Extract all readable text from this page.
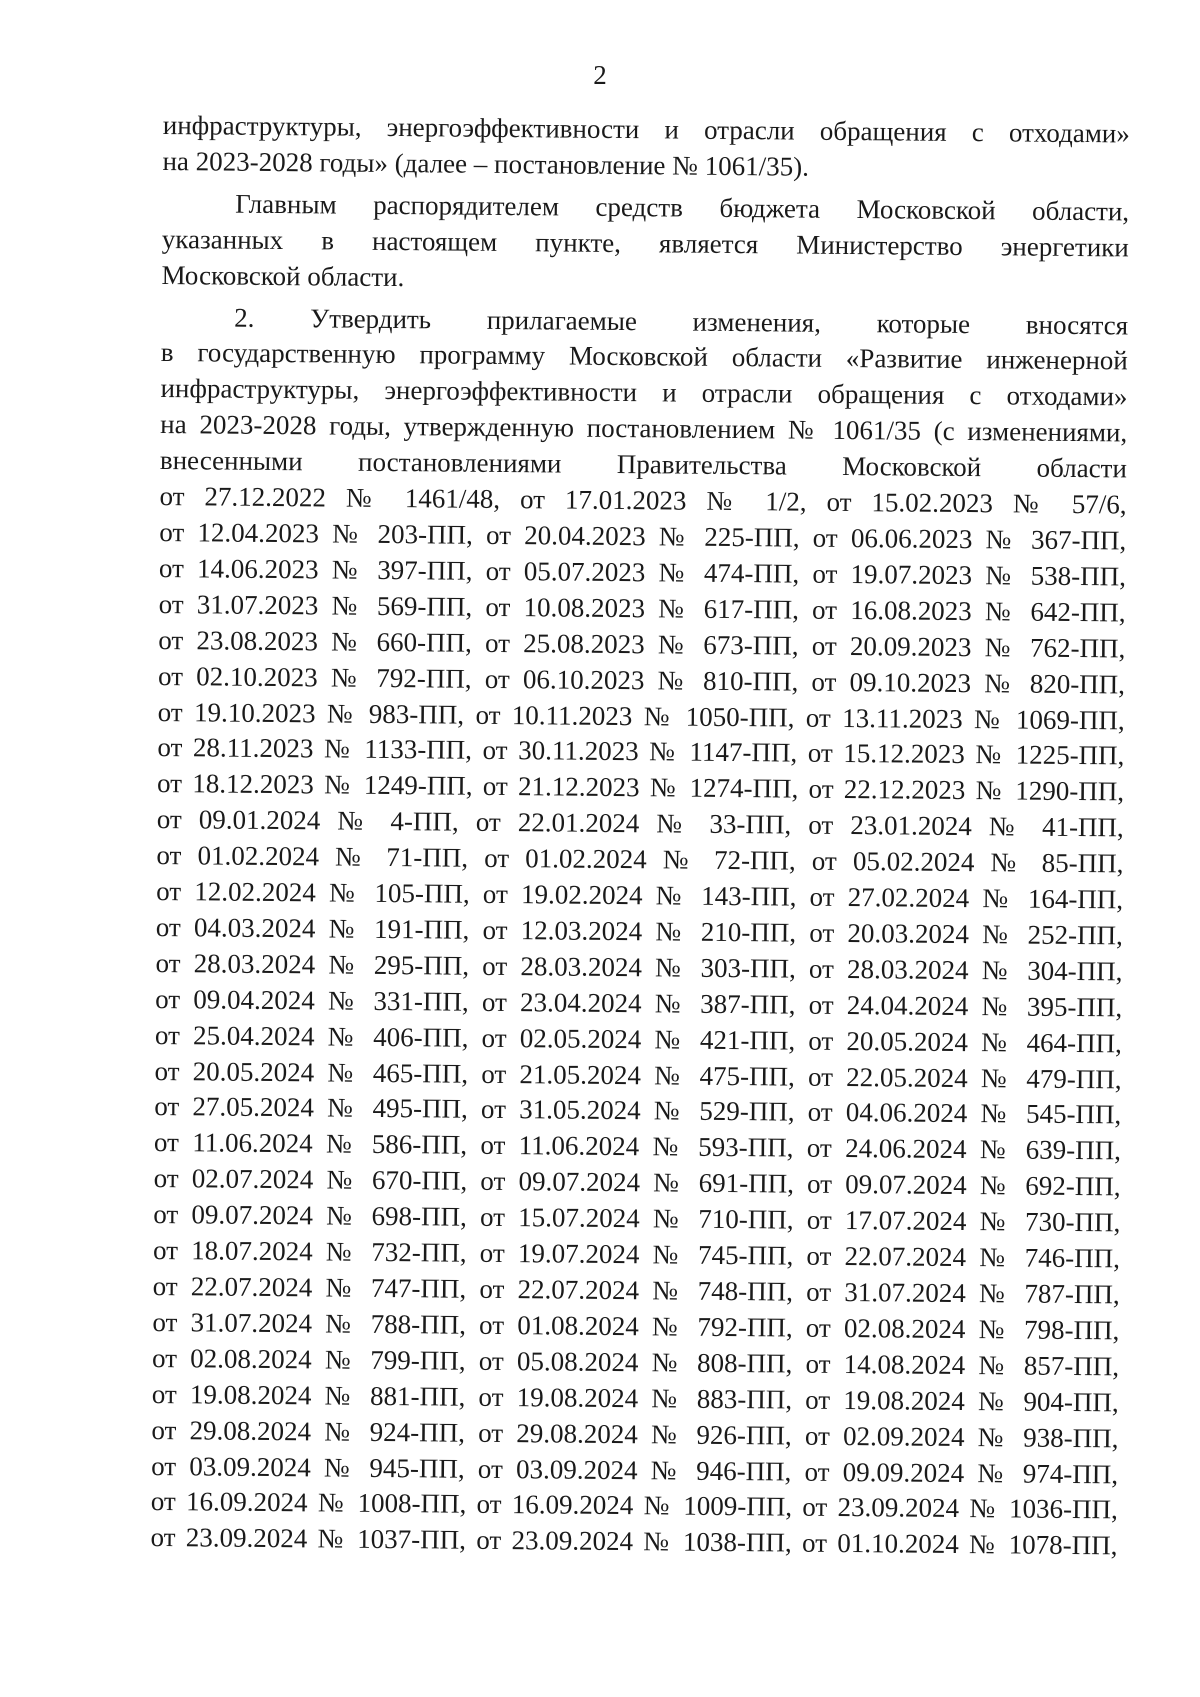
2
инфраструктуры, энергоэффективности и отрасли обращения с отходами»
на 2023-2028 годы» (далее – постановление № 1061/35).
Главным распорядителем средств бюджета Московской области,
указанных в настоящем пункте, является Министерство энергетики
Московской области.
2. Утвердить прилагаемые изменения, которые вносятся
в государственную программу Московской области «Развитие инженерной
инфраструктуры, энергоэффективности и отрасли обращения с отходами»
на 2023-2028 годы, утвержденную постановлением № 1061/35 (с изменениями,
внесенными постановлениями Правительства Московской области
от 27.12.2022 № 1461/48, от 17.01.2023 № 1/2, от 15.02.2023 № 57/6,
от 12.04.2023 № 203-ПП, от 20.04.2023 № 225-ПП, от 06.06.2023 № 367-ПП,
от 14.06.2023 № 397-ПП, от 05.07.2023 № 474-ПП, от 19.07.2023 № 538-ПП,
от 31.07.2023 № 569-ПП, от 10.08.2023 № 617-ПП, от 16.08.2023 № 642-ПП,
от 23.08.2023 № 660-ПП, от 25.08.2023 № 673-ПП, от 20.09.2023 № 762-ПП,
от 02.10.2023 № 792-ПП, от 06.10.2023 № 810-ПП, от 09.10.2023 № 820-ПП,
от 19.10.2023 № 983-ПП, от 10.11.2023 № 1050-ПП, от 13.11.2023 № 1069-ПП,
от 28.11.2023 № 1133-ПП, от 30.11.2023 № 1147-ПП, от 15.12.2023 № 1225-ПП,
от 18.12.2023 № 1249-ПП, от 21.12.2023 № 1274-ПП, от 22.12.2023 № 1290-ПП,
от 09.01.2024 № 4-ПП, от 22.01.2024 № 33-ПП, от 23.01.2024 № 41-ПП,
от 01.02.2024 № 71-ПП, от 01.02.2024 № 72-ПП, от 05.02.2024 № 85-ПП,
от 12.02.2024 № 105-ПП, от 19.02.2024 № 143-ПП, от 27.02.2024 № 164-ПП,
от 04.03.2024 № 191-ПП, от 12.03.2024 № 210-ПП, от 20.03.2024 № 252-ПП,
от 28.03.2024 № 295-ПП, от 28.03.2024 № 303-ПП, от 28.03.2024 № 304-ПП,
от 09.04.2024 № 331-ПП, от 23.04.2024 № 387-ПП, от 24.04.2024 № 395-ПП,
от 25.04.2024 № 406-ПП, от 02.05.2024 № 421-ПП, от 20.05.2024 № 464-ПП,
от 20.05.2024 № 465-ПП, от 21.05.2024 № 475-ПП, от 22.05.2024 № 479-ПП,
от 27.05.2024 № 495-ПП, от 31.05.2024 № 529-ПП, от 04.06.2024 № 545-ПП,
от 11.06.2024 № 586-ПП, от 11.06.2024 № 593-ПП, от 24.06.2024 № 639-ПП,
от 02.07.2024 № 670-ПП, от 09.07.2024 № 691-ПП, от 09.07.2024 № 692-ПП,
от 09.07.2024 № 698-ПП, от 15.07.2024 № 710-ПП, от 17.07.2024 № 730-ПП,
от 18.07.2024 № 732-ПП, от 19.07.2024 № 745-ПП, от 22.07.2024 № 746-ПП,
от 22.07.2024 № 747-ПП, от 22.07.2024 № 748-ПП, от 31.07.2024 № 787-ПП,
от 31.07.2024 № 788-ПП, от 01.08.2024 № 792-ПП, от 02.08.2024 № 798-ПП,
от 02.08.2024 № 799-ПП, от 05.08.2024 № 808-ПП, от 14.08.2024 № 857-ПП,
от 19.08.2024 № 881-ПП, от 19.08.2024 № 883-ПП, от 19.08.2024 № 904-ПП,
от 29.08.2024 № 924-ПП, от 29.08.2024 № 926-ПП, от 02.09.2024 № 938-ПП,
от 03.09.2024 № 945-ПП, от 03.09.2024 № 946-ПП, от 09.09.2024 № 974-ПП,
от 16.09.2024 № 1008-ПП, от 16.09.2024 № 1009-ПП, от 23.09.2024 № 1036-ПП,
от 23.09.2024 № 1037-ПП, от 23.09.2024 № 1038-ПП, от 01.10.2024 № 1078-ПП,
